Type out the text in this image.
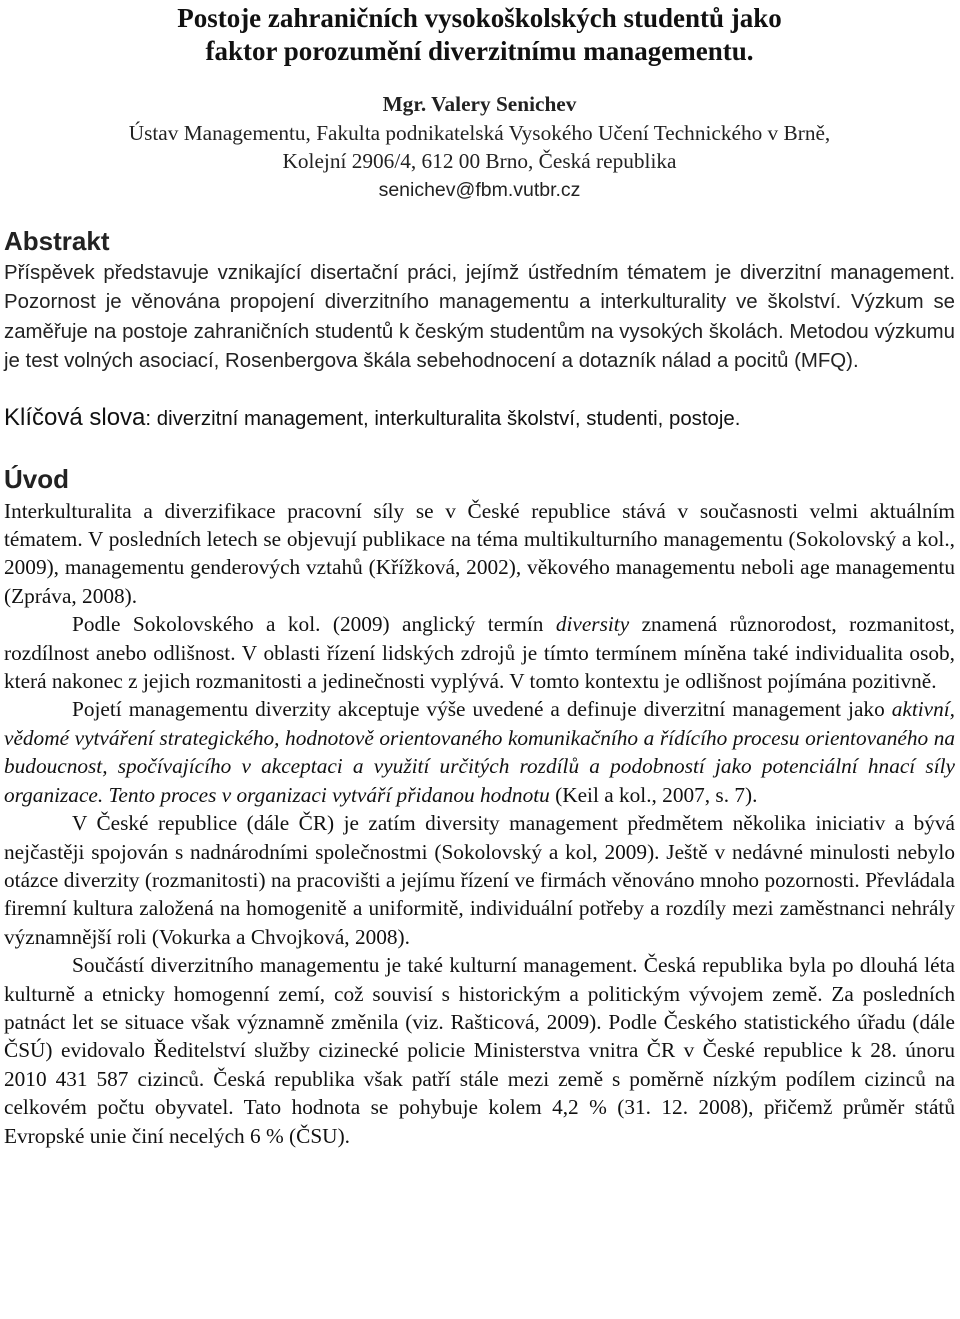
Postoje zahraničních vysokoškolských studentů jako
faktor porozumění diverzitnímu managementu.
Mgr. Valery Senichev
Ústav Managementu, Fakulta podnikatelská Vysokého Učení Technického v Brně,
Kolejní 2906/4, 612 00 Brno, Česká republika
senichev@fbm.vutbr.cz
Abstrakt

Příspěvek představuje vznikající disertační práci, jejímž ústředním tématem je diverzitní management. Pozornost je věnována propojení diverzitního managementu a interkulturality ve školství. Výzkum se zaměřuje na postoje zahraničních studentů k českým studentům na vysokých školách. Metodou výzkumu je test volných asociací, Rosenbergova škála sebehodnocení a dotazník nálad a pocitů (MFQ).

Klíčová slova: diverzitní management, interkulturalita školství, studenti, postoje.
Úvod

Interkulturalita a diverzifikace pracovní síly se v České republice stává v současnosti velmi aktuálním tématem. V posledních letech se objevují publikace na téma multikulturního managementu (Sokolovský a kol., 2009), managementu genderových vztahů (Křížková, 2002), věkového managementu neboli age managementu (Zpráva, 2008).

Podle Sokolovského a kol. (2009) anglický termín diversity znamená různorodost, rozmanitost, rozdílnost anebo odlišnost. V oblasti řízení lidských zdrojů je tímto termínem míněna také individualita osob, která nakonec z jejich rozmanitosti a jedinečnosti vyplývá. V tomto kontextu je odlišnost pojímána pozitivně.

Pojetí managementu diverzity akceptuje výše uvedené a definuje diverzitní management jako aktivní, vědomé vytváření strategického, hodnotově orientovaného komunikačního a řídícího procesu orientovaného na budoucnost, spočívajícího v akceptaci a využití určitých rozdílů a podobností jako potenciální hnací síly organizace. Tento proces v organizaci vytváří přidanou hodnotu (Keil a kol., 2007, s. 7).

V České republice (dále ČR) je zatím diversity management předmětem několika iniciativ a bývá nejčastěji spojován s nadnárodními společnostmi (Sokolovský a kol, 2009). Ještě v nedávné minulosti nebylo otázce diverzity (rozmanitosti) na pracovišti a jejímu řízení ve firmách věnováno mnoho pozornosti. Převládala firemní kultura založená na homogenitě a uniformitě, individuální potřeby a rozdíly mezi zaměstnanci nehrály významnější roli (Vokurka a Chvojková, 2008).

Součástí diverzitního managementu je také kulturní management. Česká republika byla po dlouhá léta kulturně a etnicky homogenní zemí, což souvisí s historickým a politickým vývojem země. Za posledních patnáct let se situace však významně změnila (viz. Rašticová, 2009). Podle Českého statistického úřadu (dále ČSÚ) evidovalo Ředitelství služby cizinecké policie Ministerstva vnitra ČR v České republice k 28. únoru 2010 431 587 cizinců. Česká republika však patří stále mezi země s poměrně nízkým podílem cizinců na celkovém počtu obyvatel. Tato hodnota se pohybuje kolem 4,2 % (31. 12. 2008), přičemž průměr států Evropské unie činí necelých 6 % (ČSU).
